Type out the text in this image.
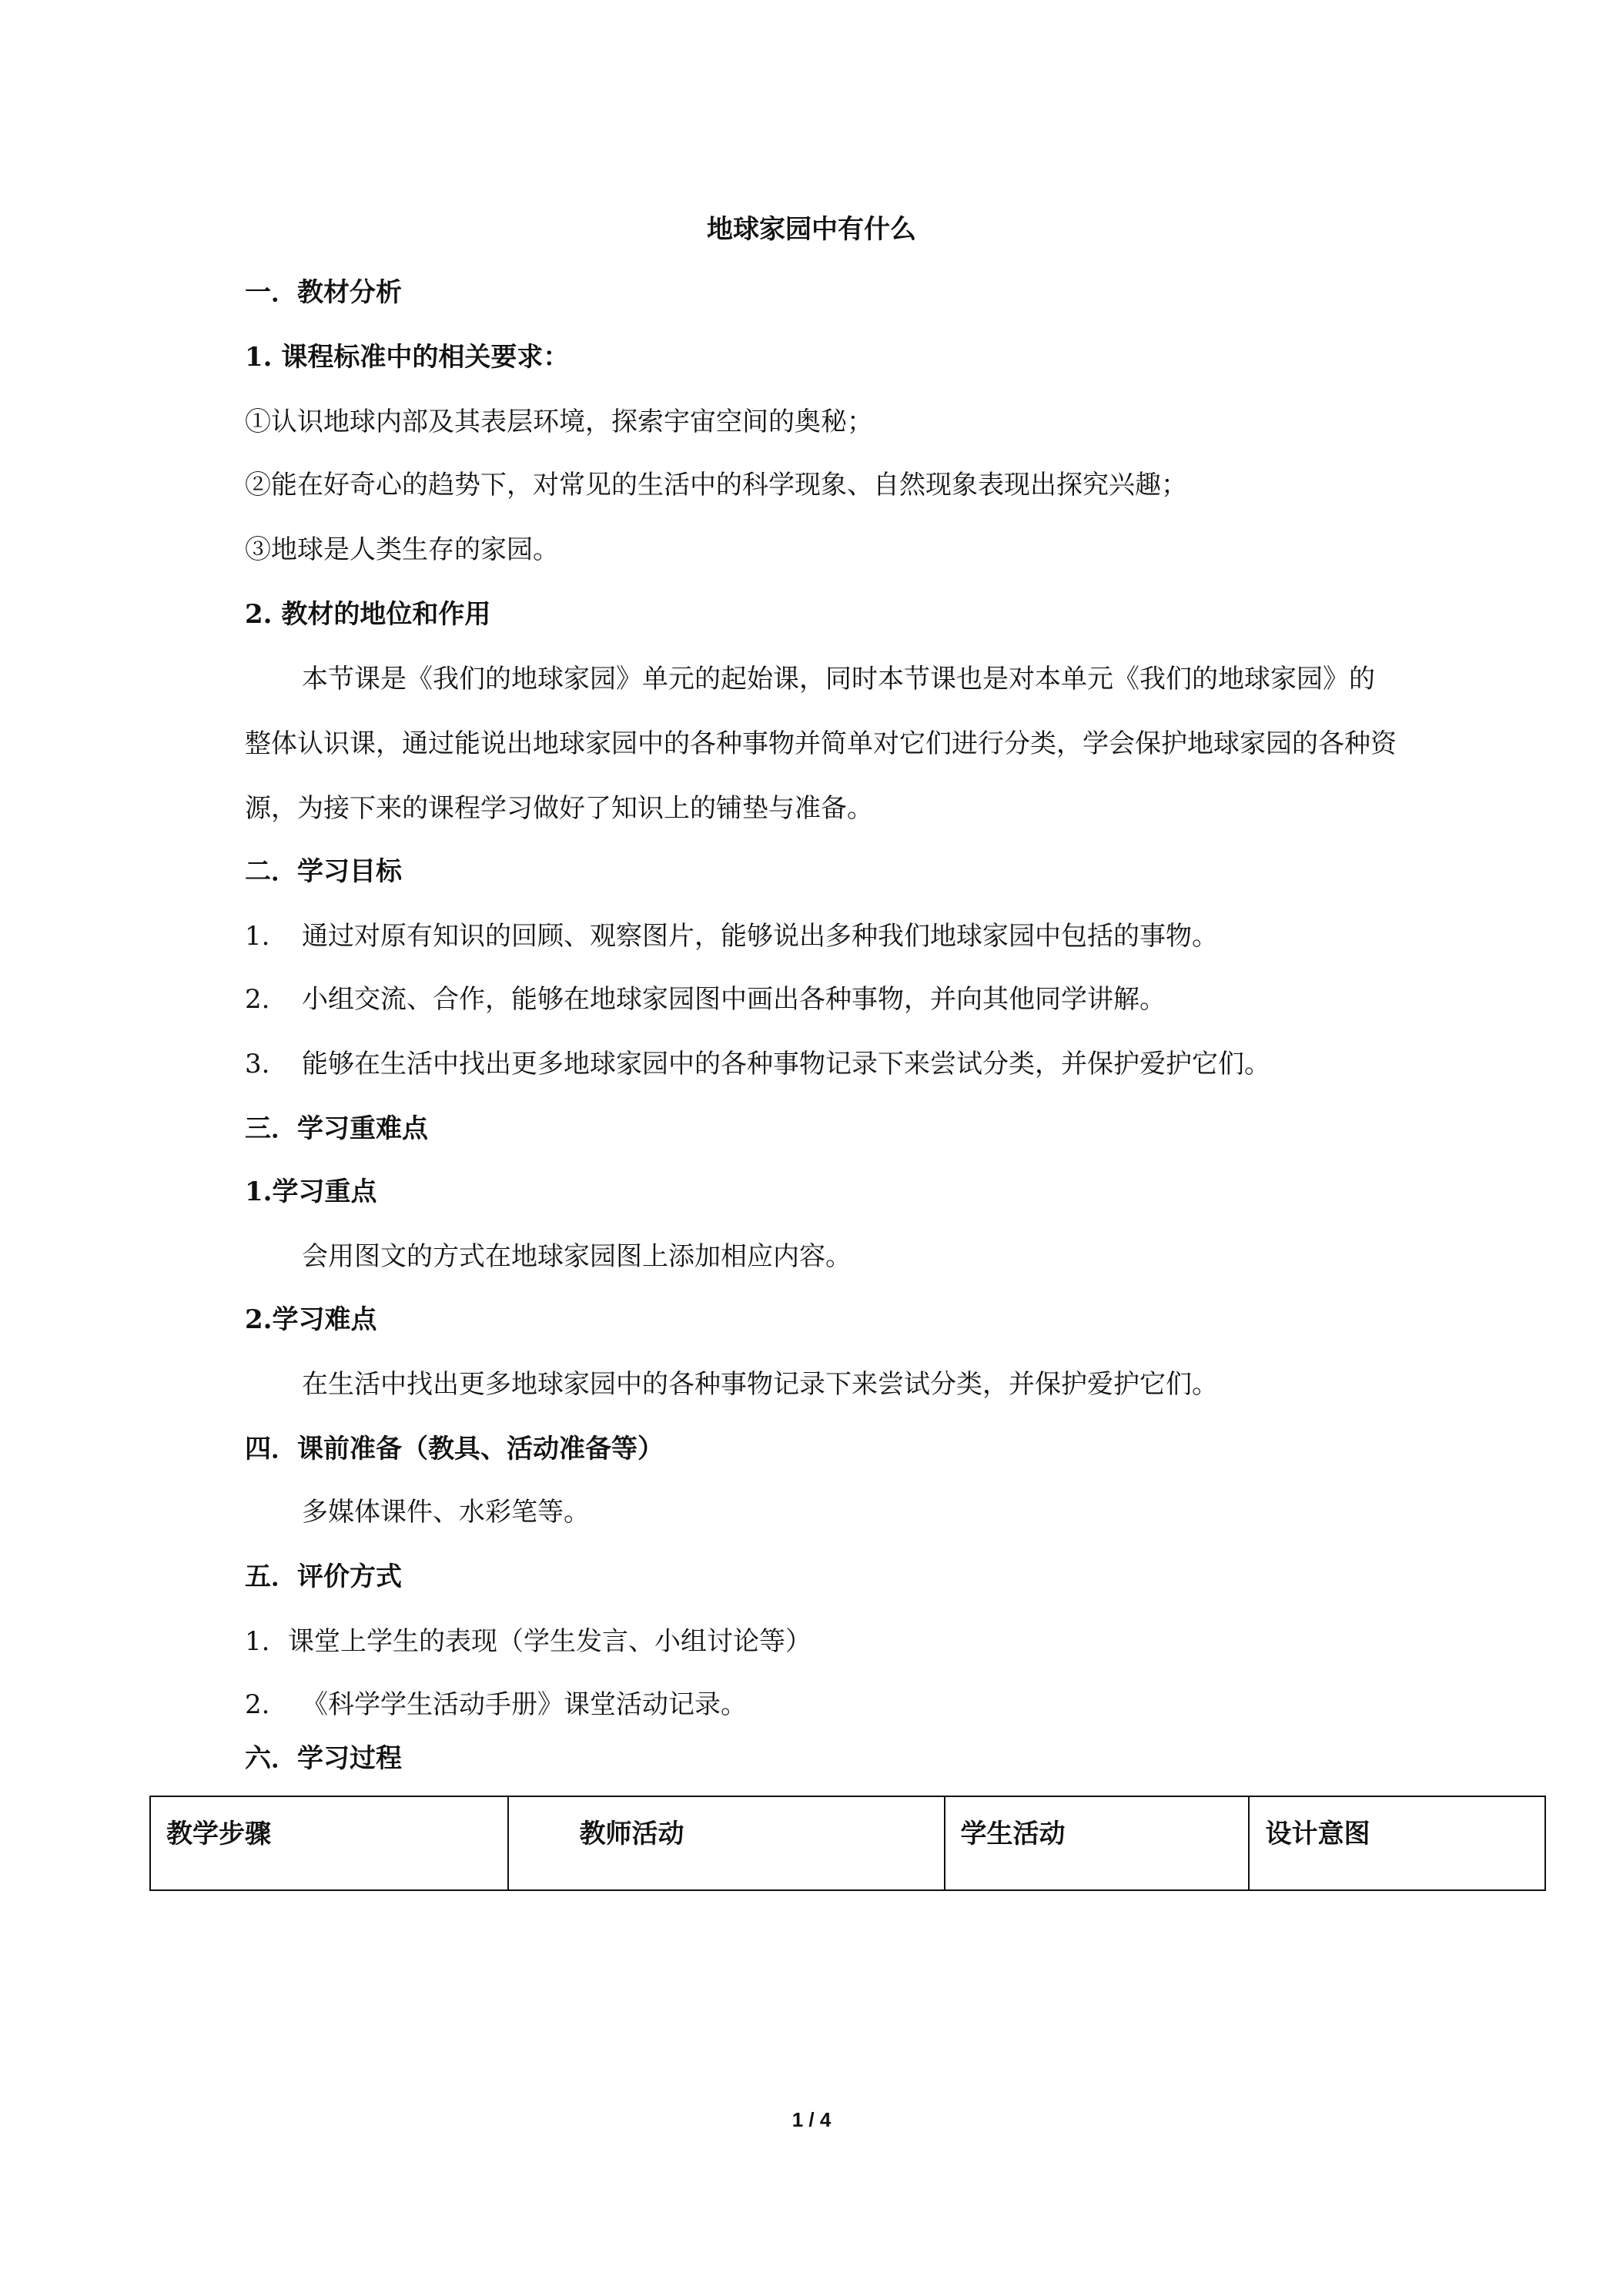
地球家园中有什么
一．教材分析
1. 课程标准中的相关要求：
①认识地球内部及其表层环境，探索宇宙空间的奥秘；
②能在好奇心的趋势下，对常见的生活中的科学现象、自然现象表现出探究兴趣；
③地球是人类生存的家园。
2. 教材的地位和作用
本节课是《我们的地球家园》单元的起始课，同时本节课也是对本单元《我们的地球家园》的整体认识课，通过能说出地球家园中的各种事物并简单对它们进行分类，学会保护地球家园的各种资源，为接下来的课程学习做好了知识上的铺垫与准备。
二．学习目标
1. 通过对原有知识的回顾、观察图片，能够说出多种我们地球家园中包括的事物。
2. 小组交流、合作，能够在地球家园图中画出各种事物，并向其他同学讲解。
3. 能够在生活中找出更多地球家园中的各种事物记录下来尝试分类，并保护爱护它们。
三．学习重难点
1.学习重点
会用图文的方式在地球家园图上添加相应内容。
2.学习难点
在生活中找出更多地球家园中的各种事物记录下来尝试分类，并保护爱护它们。
四．课前准备（教具、活动准备等）
多媒体课件、水彩笔等。
五．评价方式
1. 课堂上学生的表现（学生发言、小组讨论等）
2. 《科学学生活动手册》课堂活动记录。
六．学习过程
教学步骤	教师活动	学生活动	设计意图
1 / 4
